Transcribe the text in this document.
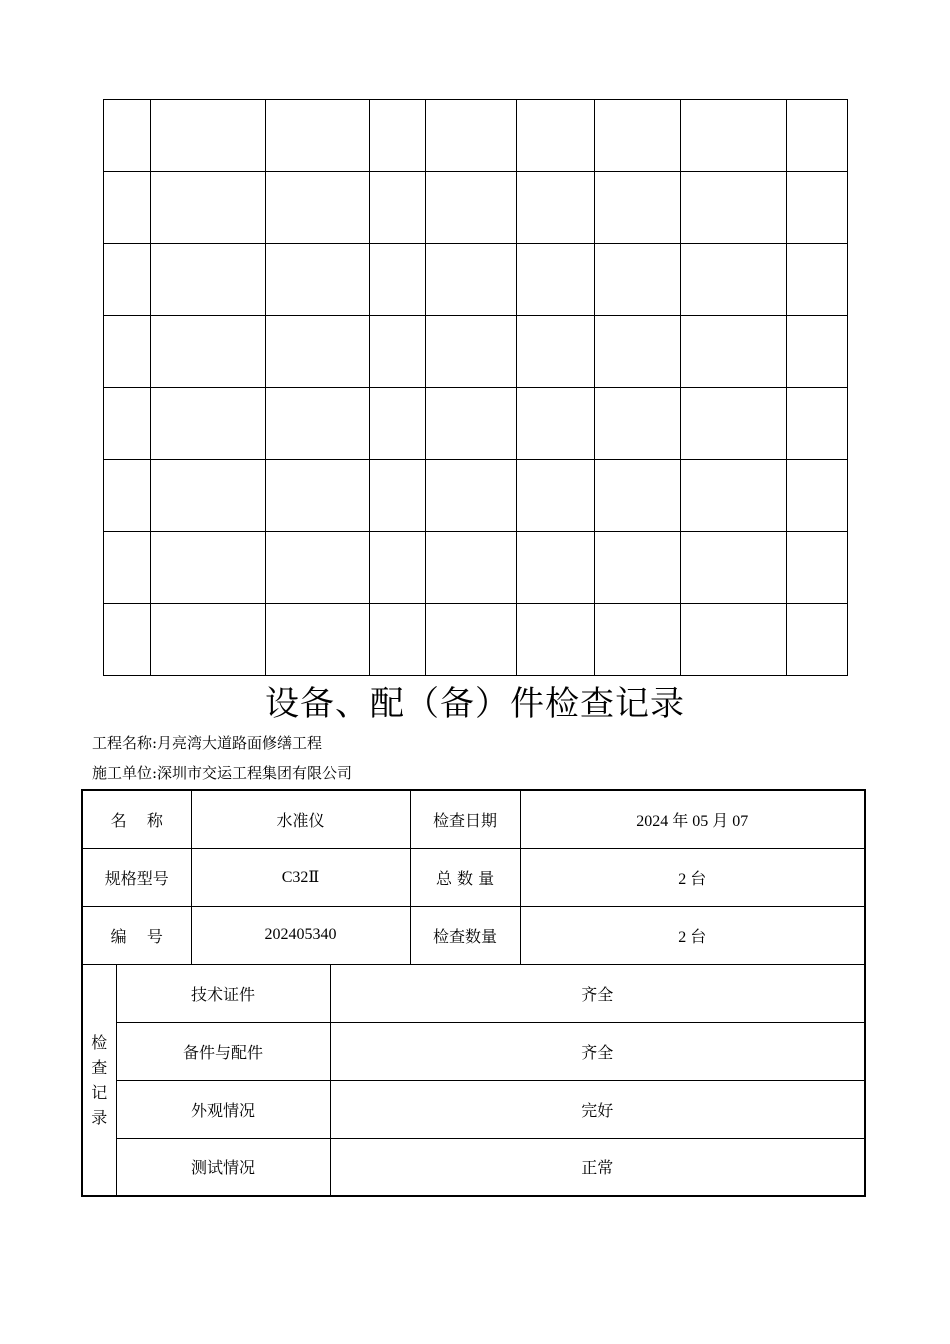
设备、配（备）件检查记录
工程名称:月亮湾大道路面修缮工程
施工单位:深圳市交运工程集团有限公司
名    称		水准仪		检查日期	2024 年 05 月 07
规格型号		C32Ⅱ		总 数 量	2 台
编    号		202405340		检查数量	2 台

检
查
记
录	技术证件		齐全		
	备件与配件		齐全		
	外观情况		完好		
	测试情况		正常		
